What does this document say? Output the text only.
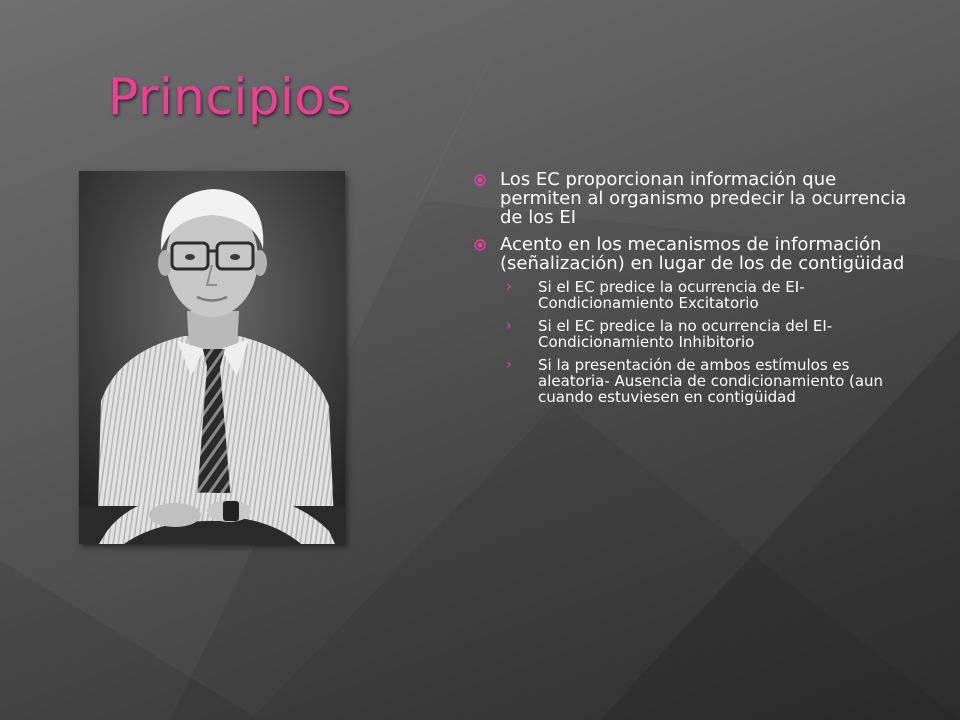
Principios
Los EC proporcionan información que permiten al organismo predecir la ocurrencia de los EI
Acento en los mecanismos de información (señalización) en lugar de los de contigüidad
› Si el EC predice la ocurrencia de EI-Condicionamiento Excitatorio
› Si el EC predice la no ocurrencia del EI-Condicionamiento Inhibitorio
› Si la presentación de ambos estímulos es aleatoria- Ausencia de condicionamiento (aun cuando estuviesen en contigüidad
